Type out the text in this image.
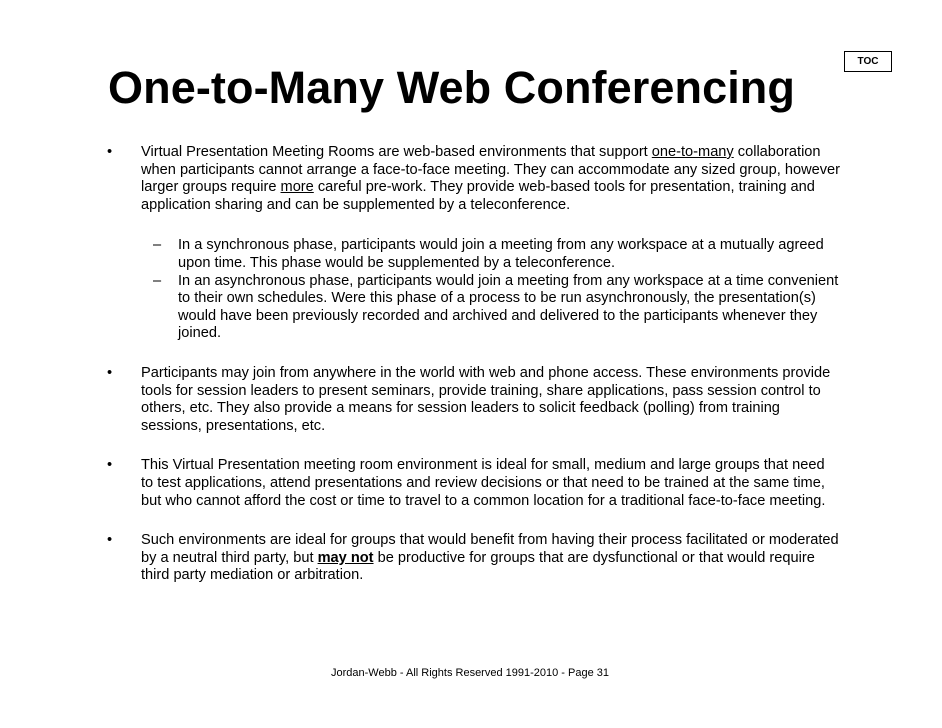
TOC
One-to-Many Web Conferencing
• Virtual Presentation Meeting Rooms are web-based environments that support one-to-many collaboration when participants cannot arrange a face-to-face meeting. They can accommodate any sized group, however larger groups require more careful pre-work. They provide web-based tools for presentation, training and application sharing and can be supplemented by a teleconference.
– In a synchronous phase, participants would join a meeting from any workspace at a mutually agreed upon time. This phase would be supplemented by a teleconference.
– In an asynchronous phase, participants would join a meeting from any workspace at a time convenient to their own schedules. Were this phase of a process to be run asynchronously, the presentation(s) would have been previously recorded and archived and delivered to the participants whenever they joined.
• Participants may join from anywhere in the world with web and phone access. These environments provide tools for session leaders to present seminars, provide training, share applications, pass session control to others, etc. They also provide a means for session leaders to solicit feedback (polling) from training sessions, presentations, etc.
• This Virtual Presentation meeting room environment is ideal for small, medium and large groups that need to test applications, attend presentations and review decisions or that need to be trained at the same time, but who cannot afford the cost or time to travel to a common location for a traditional face-to-face meeting.
• Such environments are ideal for groups that would benefit from having their process facilitated or moderated by a neutral third party, but may not be productive for groups that are dysfunctional or that would require third party mediation or arbitration.
Jordan-Webb - All Rights Reserved 1991-2010 - Page 31
